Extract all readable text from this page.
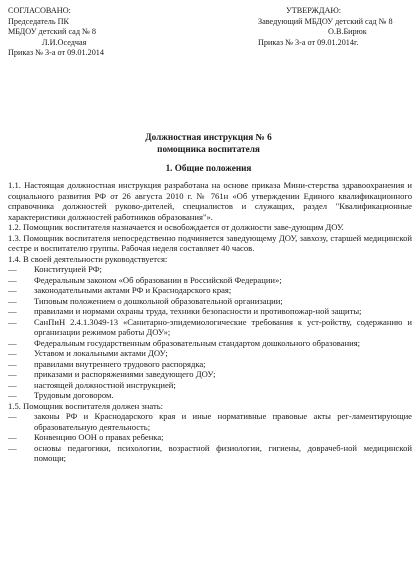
СОГЛАСОВАНО:
Председатель ПК
МБДОУ детский сад № 8
Л.И.Оседчая
Приказ № 3-а от 09.01.2014
УТВЕРЖДАЮ:
Заведующий МБДОУ детский сад № 8
О.В.Бирюк
Приказ № 3-а от 09.01.2014г.
Должностная инструкция № 6
помощника воспитателя
1. Общие положения
1.1. Настоящая должностная инструкция разработана на основе приказа Мини-стерства здравоохранения и социального развития РФ от 26 августа 2010 г. № 761н «Об утверждении Единого квалификационного справочника должностей руково-дителей, специалистов и служащих, раздел "Квалификационные характеристики должностей работников образования"».
1.2. Помощник воспитателя назначается и освобождается от должности заве-дующим ДОУ.
1.3. Помощник воспитателя непосредственно подчиняется заведующему ДОУ, завхозу, старшей медицинской сестре и воспитателю группы. Рабочая неделя составляет 40 часов.
1.4. В своей деятельности руководствуется:
—	Конституцией РФ;
—	Федеральным законом «Об образовании в Российской Федерации»;
—	законодательными актами РФ и Краснодарского края;
—	Типовым положением о дошкольной образовательной организации;
—	правилами и нормами охраны труда, техники безопасности и противопожар-ной защиты;
—	СанПиН 2.4.1.3049-13 «Санитарно-эпидемиологические требования к уст-ройству, содержанию и организации режимом работы ДОУ»;
—	Федеральным государственным образовательным стандартом дошкольного образования;
—	Уставом и локальными актами ДОУ;
—	правилами внутреннего трудового распорядка;
—	приказами и распоряжениями заведующего ДОУ;
—	настоящей должностной инструкцией;
—	Трудовым договором.
1.5. Помощник воспитателя должен знать:
—	законы РФ и Краснодарского края и иные нормативные правовые акты рег-ламентирующие образовательную деятельность;
—	Конвенцию ООН о правах ребенка;
—	основы педагогики, психологии, возрастной физиологии, гигиены, доврачеб-ной медицинской помощи;
